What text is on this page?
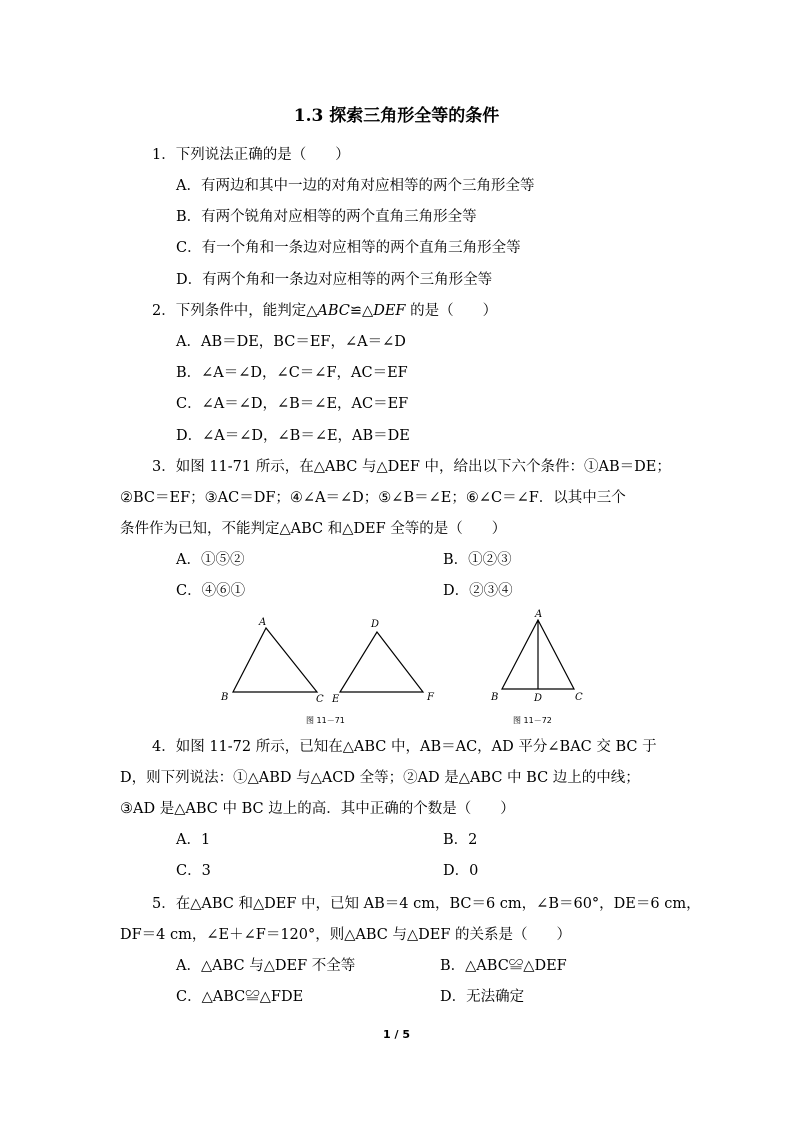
1.3 探索三角形全等的条件
1．下列说法正确的是（　　）
A．有两边和其中一边的对角对应相等的两个三角形全等
B．有两个锐角对应相等的两个直角三角形全等
C．有一个角和一条边对应相等的两个直角三角形全等
D．有两个角和一条边对应相等的两个三角形全等
2．下列条件中，能判定△ABC≌△DEF 的是（　　）
A．AB＝DE，BC＝EF，∠A＝∠D
B．∠A＝∠D，∠C＝∠F，AC＝EF
C．∠A＝∠D，∠B＝∠E，AC＝EF
D．∠A＝∠D，∠B＝∠E，AB＝DE
3．如图 11-71 所示，在△ABC 与△DEF 中，给出以下六个条件：①AB＝DE；
②BC＝EF；③AC＝DF；④∠A＝∠D；⑤∠B＝∠E；⑥∠C＝∠F．以其中三个
条件作为已知，不能判定△ABC 和△DEF 全等的是（　　）
A．①⑤②	B．①②③
C．④⑥①	D．②③④
A
B	C
D
E	F
图 11－71
A
B	D	C
图 11－72
4．如图 11-72 所示，已知在△ABC 中，AB＝AC，AD 平分∠BAC 交 BC 于
D，则下列说法：①△ABD 与△ACD 全等；②AD 是△ABC 中 BC 边上的中线；
③AD 是△ABC 中 BC 边上的高．其中正确的个数是（　　）
A．1	B．2
C．3	D．0
5．在△ABC 和△DEF 中，已知 AB＝4 cm，BC＝6 cm，∠B＝60°，DE＝6 cm，
DF＝4 cm，∠E＋∠F＝120°，则△ABC 与△DEF 的关系是（　　）
A．△ABC 与△DEF 不全等	B．△ABC≌△DEF
C．△ABC≌△FDE	D．无法确定
1 / 5
